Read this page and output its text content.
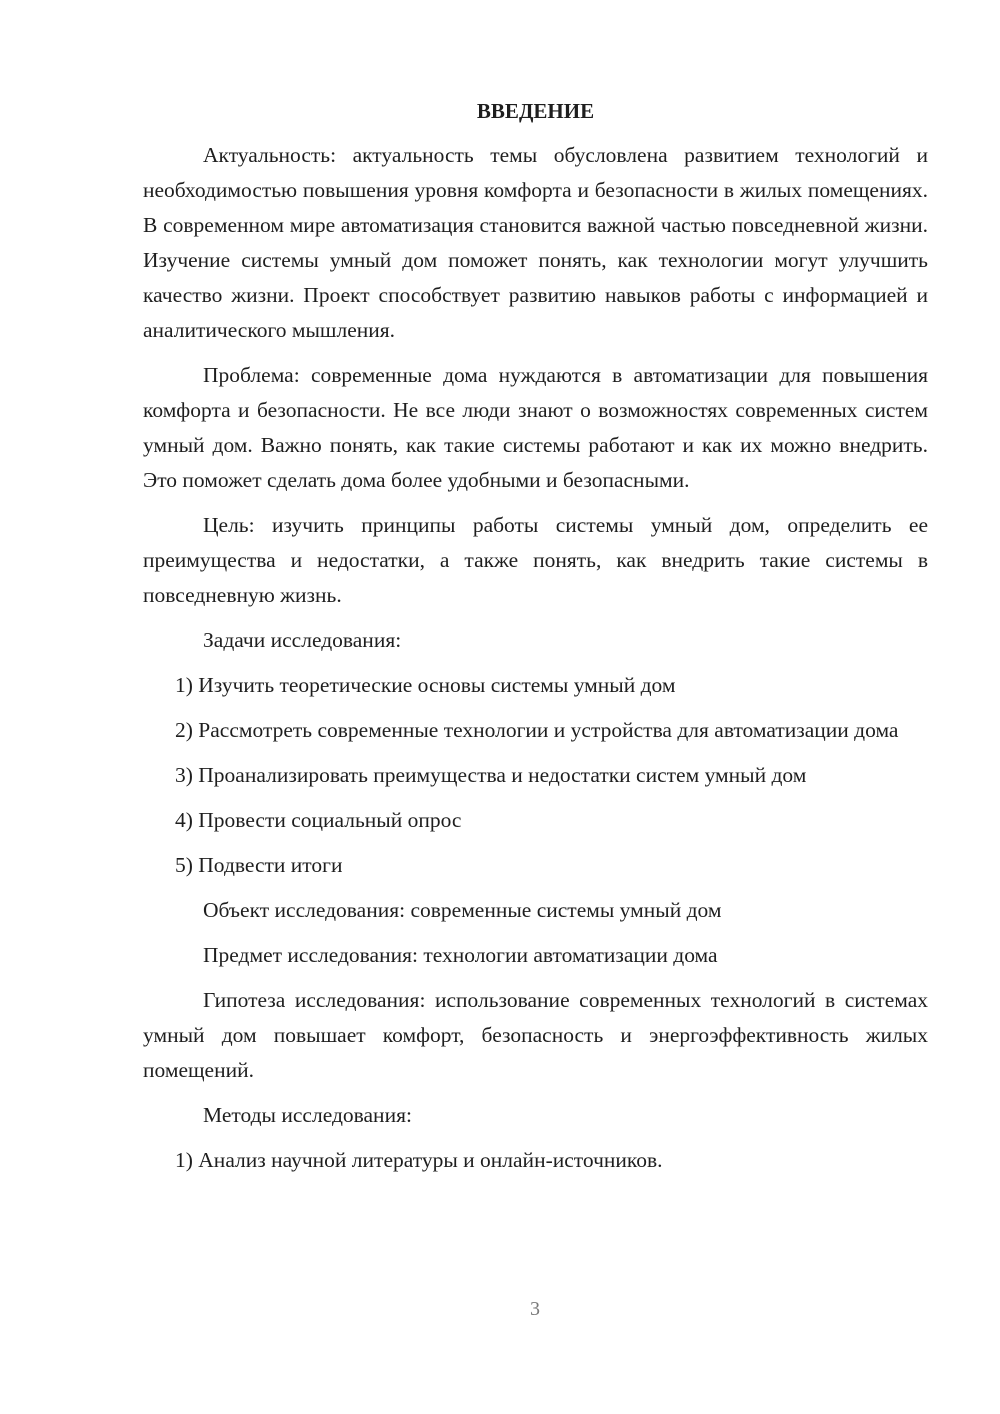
ВВЕДЕНИЕ
Актуальность: актуальность темы обусловлена развитием технологий и необходимостью повышения уровня комфорта и безопасности в жилых помещениях. В современном мире автоматизация становится важной частью повседневной жизни. Изучение системы умный дом поможет понять, как технологии могут улучшить качество жизни. Проект способствует развитию навыков работы с информацией и аналитического мышления.
Проблема: современные дома нуждаются в автоматизации для повышения комфорта и безопасности. Не все люди знают о возможностях современных систем умный дом. Важно понять, как такие системы работают и как их можно внедрить. Это поможет сделать дома более удобными и безопасными.
Цель: изучить принципы работы системы умный дом, определить ее преимущества и недостатки, а также понять, как внедрить такие системы в повседневную жизнь.
Задачи исследования:
1) Изучить теоретические основы системы умный дом
2) Рассмотреть современные технологии и устройства для автоматизации дома
3) Проанализировать преимущества и недостатки систем умный дом
4) Провести социальный опрос
5) Подвести итоги
Объект исследования: современные системы умный дом
Предмет исследования: технологии автоматизации дома
Гипотеза исследования: использование современных технологий в системах умный дом повышает комфорт, безопасность и энергоэффективность жилых помещений.
Методы исследования:
1) Анализ научной литературы и онлайн-источников.
3
